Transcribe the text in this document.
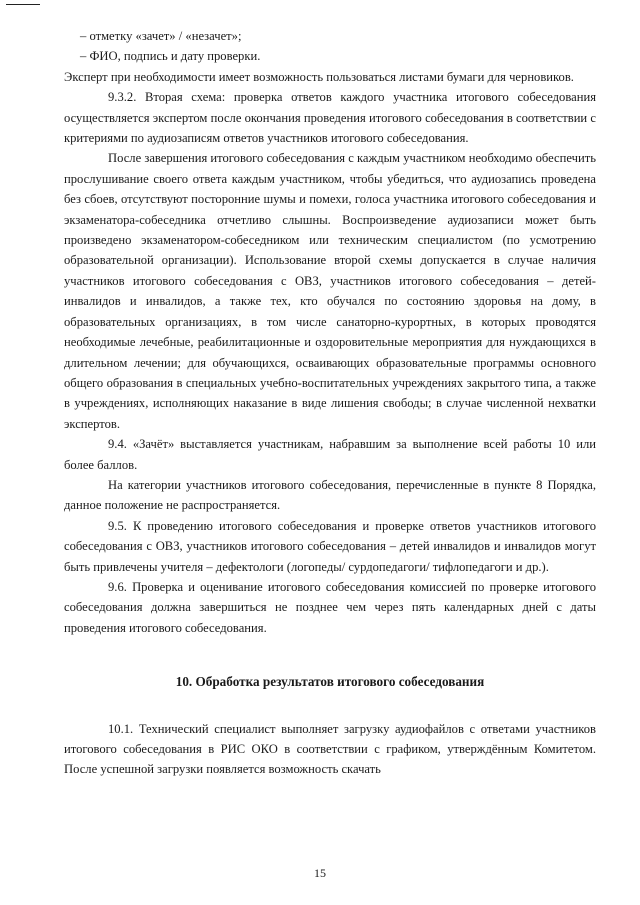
– отметку «зачет» / «незачет»;

– ФИО, подпись и дату проверки.

Эксперт при необходимости имеет возможность пользоваться листами бумаги для черновиков.

9.3.2. Вторая схема: проверка ответов каждого участника итогового собеседования осуществляется экспертом после окончания проведения итогового собеседования в соответствии с критериями по аудиозаписям ответов участников итогового собеседования.

После завершения итогового собеседования с каждым участником необходимо обеспечить прослушивание своего ответа каждым участником, чтобы убедиться, что аудиозапись проведена без сбоев, отсутствуют посторонние шумы и помехи, голоса участника итогового собеседования и экзаменатора-собеседника отчетливо слышны. Воспроизведение аудиозаписи может быть произведено экзаменатором-собеседником или техническим специалистом (по усмотрению образовательной организации). Использование второй схемы допускается в случае наличия участников итогового собеседования с ОВЗ, участников итогового собеседования – детей-инвалидов и инвалидов, а также тех, кто обучался по состоянию здоровья на дому, в образовательных организациях, в том числе санаторно-курортных, в которых проводятся необходимые лечебные, реабилитационные и оздоровительные мероприятия для нуждающихся в длительном лечении; для обучающихся, осваивающих образовательные программы основного общего образования в специальных учебно-воспитательных учреждениях закрытого типа, а также в учреждениях, исполняющих наказание в виде лишения свободы; в случае численной нехватки экспертов.

9.4. «Зачёт» выставляется участникам, набравшим за выполнение всей работы 10 или более баллов.

На категории участников итогового собеседования, перечисленные в пункте 8 Порядка, данное положение не распространяется.

9.5. К проведению итогового собеседования и проверке ответов участников итогового собеседования с ОВЗ, участников итогового собеседования – детей инвалидов и инвалидов могут быть привлечены учителя – дефектологи (логопеды/ сурдопедагоги/ тифлопедагоги и др.).

9.6. Проверка и оценивание итогового собеседования комиссией по проверке итогового собеседования должна завершиться не позднее чем через пять календарных дней с даты проведения итогового собеседования.

10. Обработка результатов итогового собеседования

10.1. Технический специалист выполняет загрузку аудиофайлов с ответами участников итогового собеседования в РИС ОКО в соответствии с графиком, утверждённым Комитетом. После успешной загрузки появляется возможность скачать

15
